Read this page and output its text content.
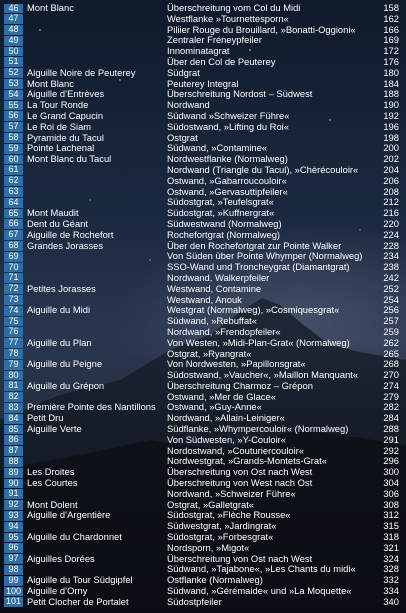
46 Mont Blanc	Überschreitung vom Col du Midi	158
47	Westflanke »Tournettesporn«	162
48	Piliier Rouge du Brouillard, »Bonatti-Oggioni«	166
49	Zentraler Fréneypfeiler	169
50	Innominatagrat	172
51	Über den Col de Peuterey	176
52 Aiguille Noire de Peuterey	Südgrat	180
53 Mont Blanc	Peuterey Integral	184
54 Aiguille d’Entrèves	Überschreitung Nordost – Südwest	188
55 La Tour Ronde	Nordwand	190
56 Le Grand Capucin	Südwand »Schweizer Führe«	192
57 Le Roi de Siam	Südostwand, »Lifting du Roi«	196
58 Pyramide du Tacul	Ostgrat	198
59 Pointe Lachenal	Südwand, »Contamine«	200
60 Mont Blanc du Tacul	Nordwestflanke (Normalweg)	202
61	Nordwand (Triangle du Tacul), »Chèrécouloir«	204
62	Ostwand, »Gabarroucouloir«	206
63	Ostwand, »Gervasuttipfeiler«	208
64	Südostgrat, »Teufelsgrat«	212
65 Mont Maudit	Südostgrat, »Kuffnergrat«	216
66 Dent du Géant	Südwestwand (Normalweg)	220
67 Aiguille de Rochefort	Rochefortgrat (Normalweg)	224
68 Grandes Jorasses	Über den Rochefortgrat zur Pointe Walker	228
69	Von Süden über Pointe Whymper (Normalweg)	234
70	SSO-Wand und Troncheygrat (Diamantgrat)	238
71	Nordwand, Walkerpfeiler	242
72 Petites Jorasses	Westwand, Contamine	252
73	Westwand, Anouk	254
74 Aiguille du Midi	Westgrat (Normalweg), »Cosmiquesgrat«	256
75	Südwand, »Rebuffat«	257
76	Nordwand, »Frendopfeiler«	259
77 Aiguille du Plan	Von Westen, »Midi-Plan-Grat« (Normalweg)	262
78	Ostgrat, »Ryangrat«	265
79 Aiguille du Peigne	Von Nordwesten, »Papillonsgrat«	268
80	Südostwand, »Vaucher«, »Maillon Manquant«	270
81 Aiguille du Grépon	Überschreitung Charmoz – Grépon	274
82	Ostwand, »Mer de Glace«	279
83 Première Pointe des Nantillons	Ostwand, »Guy-Anne«	282
84 Petit Dru	Nordwand, »Allain-Leiniger«	284
85 Aiguille Verte	Südflanke, »Whympercouloir« (Normalweg)	288
86	Von Südwesten, »Y-Couloir«	291
87	Nordostwand, »Couturiercouloir«	292
88	Nordwestgrat, »Grands-Montets-Grat«	296
89 Les Droites	Überschreitung von Ost nach West	300
90 Les Courtes	Überschreitung von West nach Ost	304
91	Nordwand, »Schweizer Führe«	306
92 Mont Dolent	Ostgrat, »Galletgrat«	308
93 Aiguille d’Argentière	Südostgrat, »Flèche Rousse«	312
94	Südwestgrat, »Jardingrat«	315
95 Aiguille du Chardonnet	Südostgrat, »Forbesgrat«	318
96	Nordsporn, »Migot«	321
97 Aiguilles Dorées	Überschreitung von Ost nach West	324
98	Südwand, »Tajabone«, »Les Chants du midi«	328
99 Aiguille du Tour Südgipfel	Ostflanke (Normalweg)	332
100 Aiguille d’Orny	Südwand, »Gérémaide« und »La Moquette«	334
101 Petit Clocher de Portalet	Südostpfeiler	340
